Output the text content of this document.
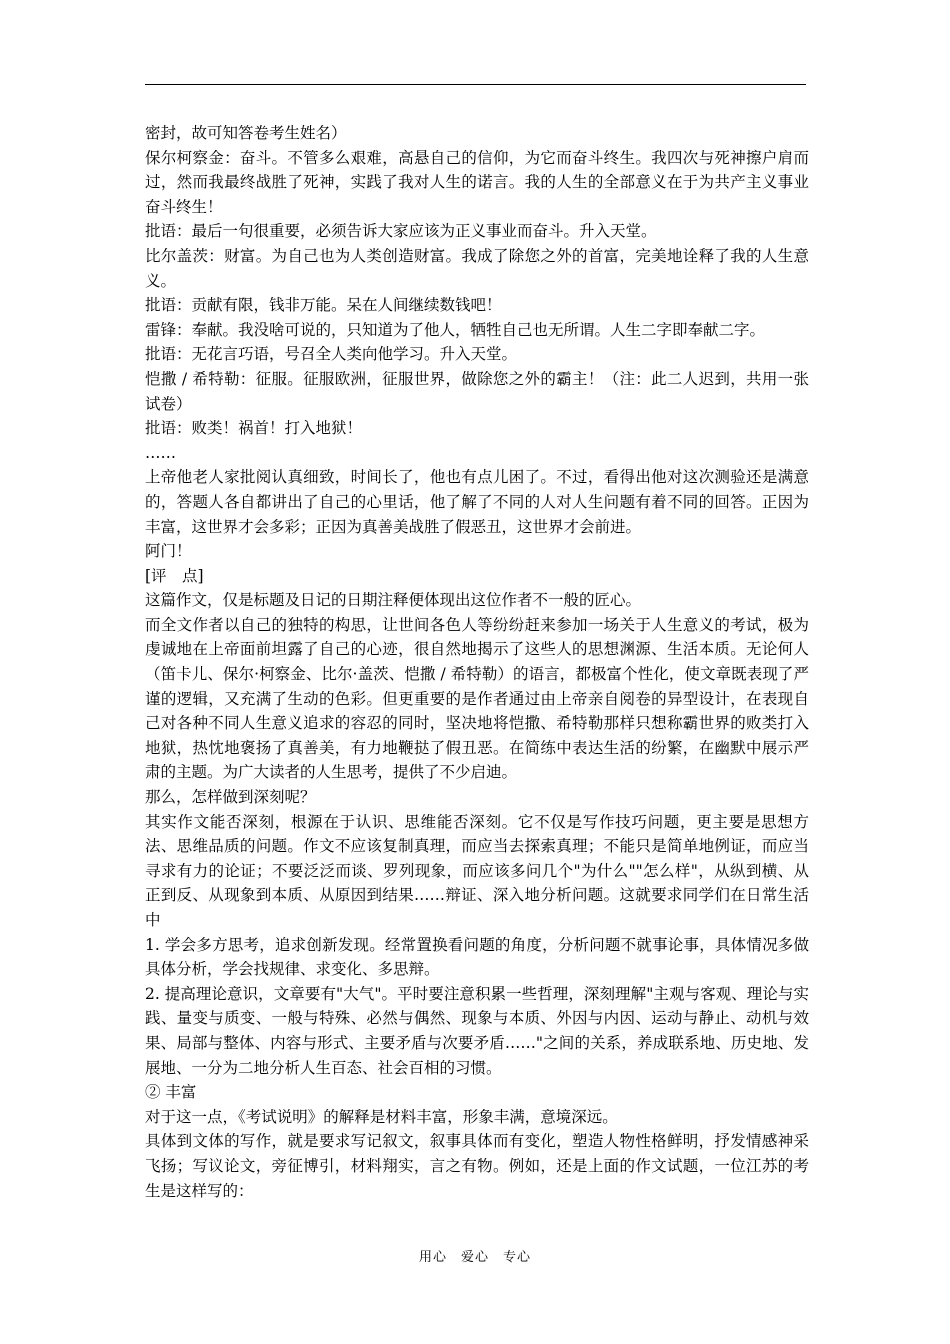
密封，故可知答卷考生姓名）

保尔柯察金：奋斗。不管多么艰难，高悬自己的信仰，为它而奋斗终生。我四次与死神擦户肩而过，然而我最终战胜了死神，实践了我对人生的诺言。我的人生的全部意义在于为共产主义事业奋斗终生！

批语：最后一句很重要，必须告诉大家应该为正义事业而奋斗。升入天堂。

比尔盖茨：财富。为自己也为人类创造财富。我成了除您之外的首富，完美地诠释了我的人生意义。

批语：贡献有限，钱非万能。呆在人间继续数钱吧！

雷锋：奉献。我没啥可说的，只知道为了他人，牺牲自己也无所谓。人生二字即奉献二字。

批语：无花言巧语，号召全人类向他学习。升入天堂。

恺撒 / 希特勒：征服。征服欧洲，征服世界，做除您之外的霸主！（注：此二人迟到，共用一张试卷）

批语：败类！祸首！打入地狱！

……

上帝他老人家批阅认真细致，时间长了，他也有点儿困了。不过，看得出他对这次测验还是满意的，答题人各自都讲出了自己的心里话，他了解了不同的人对人生问题有着不同的回答。正因为丰富，这世界才会多彩；正因为真善美战胜了假恶丑，这世界才会前进。

阿门！

[评　点]

这篇作文，仅是标题及日记的日期注释便体现出这位作者不一般的匠心。

而全文作者以自己的独特的构思，让世间各色人等纷纷赶来参加一场关于人生意义的考试，极为虔诚地在上帝面前坦露了自己的心迹，很自然地揭示了这些人的思想渊源、生活本质。无论何人（笛卡儿、保尔·柯察金、比尔·盖茨、恺撒 / 希特勒）的语言，都极富个性化，使文章既表现了严谨的逻辑，又充满了生动的色彩。但更重要的是作者通过由上帝亲自阅卷的异型设计，在表现自己对各种不同人生意义追求的容忍的同时，坚决地将恺撒、希特勒那样只想称霸世界的败类打入地狱，热忱地褒扬了真善美，有力地鞭挞了假丑恶。在简练中表达生活的纷繁，在幽默中展示严肃的主题。为广大读者的人生思考，提供了不少启迪。

那么，怎样做到深刻呢？

其实作文能否深刻，根源在于认识、思维能否深刻。它不仅是写作技巧问题，更主要是思想方法、思维品质的问题。作文不应该复制真理，而应当去探索真理；不能只是简单地例证，而应当寻求有力的论证；不要泛泛而谈、罗列现象，而应该多问几个"为什么""怎么样"，从纵到横、从正到反、从现象到本质、从原因到结果……辩证、深入地分析问题。这就要求同学们在日常生活中

1. 学会多方思考，追求创新发现。经常置换看问题的角度，分析问题不就事论事，具体情况多做具体分析，学会找规律、求变化、多思辩。

2. 提高理论意识，文章要有"大气"。平时要注意积累一些哲理，深刻理解"主观与客观、理论与实践、量变与质变、一般与特殊、必然与偶然、现象与本质、外因与内因、运动与静止、动机与效果、局部与整体、内容与形式、主要矛盾与次要矛盾……"之间的关系，养成联系地、历史地、发展地、一分为二地分析人生百态、社会百相的习惯。

② 丰富

对于这一点，《考试说明》的解释是材料丰富，形象丰满，意境深远。

具体到文体的写作，就是要求写记叙文，叙事具体而有变化，塑造人物性格鲜明，抒发情感神采飞扬；写议论文，旁征博引，材料翔实，言之有物。例如，还是上面的作文试题，一位江苏的考生是这样写的：

用心　爱心　专心
